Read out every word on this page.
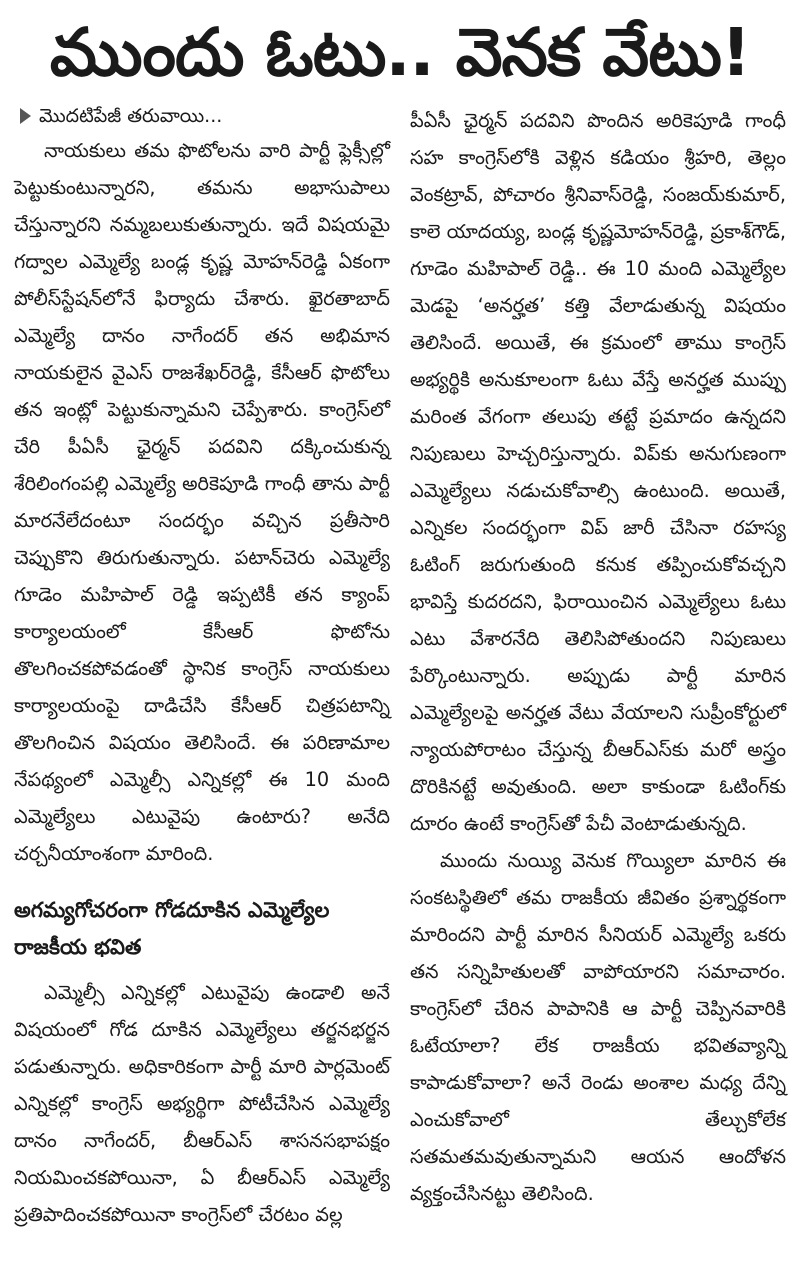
ముందు ఓటు.. వెనక వేటు!
మొదటిపేజీ తరువాయి...

నాయకులు తమ ఫొటోలను వారి పార్టీ ఫ్లెక్సీల్లో పెట్టుకుంటున్నారని, తమను అభాసుపాలు చేస్తున్నారని నమ్మబలుకుతున్నారు. ఇదే విషయమై గద్వాల ఎమ్మెల్యే బండ్ల కృష్ణ మోహన్‌రెడ్డి ఏకంగా పోలీస్‌స్టేషన్‌లోనే ఫిర్యాదు చేశారు. ఖైరతాబాద్ ఎమ్మెల్యే దానం నాగేందర్ తన అభిమాన నాయకులైన వైఎస్ రాజశేఖర్‌రెడ్డి, కేసీఆర్ ఫొటోలు తన ఇంట్లో పెట్టుకున్నామని చెప్పేశారు. కాంగ్రెస్‌లో చేరి పీఏసీ ఛైర్మన్ పదవిని దక్కించుకున్న శేరిలింగంపల్లి ఎమ్మెల్యే అరికెపూడి గాంధీ తాను పార్టీ మారనేలేదంటూ సందర్భం వచ్చిన ప్రతీసారి చెప్పుకొని తిరుగుతున్నారు. పటాన్‌చెరు ఎమ్మెల్యే గూడెం మహిపాల్ రెడ్డి ఇప్పటికీ తన క్యాంప్ కార్యాలయంలో కేసీఆర్ ఫొటోను తొలగించకపోవడంతో స్థానిక కాంగ్రెస్ నాయకులు కార్యాలయంపై దాడిచేసి కేసీఆర్ చిత్రపటాన్ని తొలగించిన విషయం తెలిసిందే. ఈ పరిణామాల నేపథ్యంలో ఎమ్మెల్సీ ఎన్నికల్లో ఈ 10 మంది ఎమ్మెల్యేలు ఎటువైపు ఉంటారు? అనేది చర్చనీయాంశంగా మారింది.

అగమ్యగోచరంగా గోడదూకిన ఎమ్మెల్యేల రాజకీయ భవిత

ఎమ్మెల్సీ ఎన్నికల్లో ఎటువైపు ఉండాలి అనే విషయంలో గోడ దూకిన ఎమ్మెల్యేలు తర్జనభర్జన పడుతున్నారు. అధికారికంగా పార్టీ మారి పార్లమెంట్ ఎన్నికల్లో కాంగ్రెస్ అభ్యర్థిగా పోటీచేసిన ఎమ్మెల్యే దానం నాగేందర్, బీఆర్‌ఎస్ శాసనసభాపక్షం నియమించకపోయినా, ఏ బీఆర్‌ఎస్ ఎమ్మెల్యే ప్రతిపాదించకపోయినా కాంగ్రెస్‌లో చేరటం వల్ల

పీఏసీ ఛైర్మన్ పదవిని పొందిన అరికెపూడి గాంధీ సహ కాంగ్రెస్‌లోకి వెళ్లిన కడియం శ్రీహరి, తెల్లం వెంకట్రావ్, పోచారం శ్రీనివాస్‌రెడ్డి, సంజయ్‌కుమార్, కాలె యాదయ్య, బండ్ల కృష్ణమోహన్‌రెడ్డి, ప్రకాశ్‌గౌడ్, గూడెం మహిపాల్ రెడ్డి.. ఈ 10 మంది ఎమ్మెల్యేల మెడపై ‘అనర్హత’ కత్తి వేలాడుతున్న విషయం తెలిసిందే. అయితే, ఈ క్రమంలో తాము కాంగ్రెస్ అభ్యర్థికి అనుకూలంగా ఓటు వేస్తే అనర్హత ముప్పు మరింత వేగంగా తలుపు తట్టే ప్రమాదం ఉన్నదని నిపుణులు హెచ్చరిస్తున్నారు. విప్‌కు అనుగుణంగా ఎమ్మెల్యేలు నడుచుకోవాల్సి ఉంటుంది. అయితే, ఎన్నికల సందర్భంగా విప్ జారీ చేసినా రహస్య ఓటింగ్ జరుగుతుంది కనుక తప్పించుకోవచ్చని భావిస్తే కుదరదని, ఫిరాయించిన ఎమ్మెల్యేలు ఓటు ఎటు వేశారనేది తెలిసిపోతుందని నిపుణులు పేర్కొంటున్నారు. అప్పుడు పార్టీ మారిన ఎమ్మెల్యేలపై అనర్హత వేటు వేయాలని సుప్రీంకోర్టులో న్యాయపోరాటం చేస్తున్న బీఆర్‌ఎస్‌కు మరో అస్త్రం దొరికినట్టే అవుతుంది. అలా కాకుండా ఓటింగ్‌కు దూరం ఉంటే కాంగ్రెస్‌తో పేచీ వెంటాడుతున్నది.

ముందు నుయ్యి వెనుక గొయ్యిలా మారిన ఈ సంకటస్థితిలో తమ రాజకీయ జీవితం ప్రశ్నార్థకంగా మారిందని పార్టీ మారిన సీనియర్ ఎమ్మెల్యే ఒకరు తన సన్నిహితులతో వాపోయారని సమాచారం. కాంగ్రెస్‌లో చేరిన పాపానికి ఆ పార్టీ చెప్పినవారికి ఓటేయాలా? లేక రాజకీయ భవితవ్యాన్ని కాపాడుకోవాలా? అనే రెండు అంశాల మధ్య దేన్ని ఎంచుకోవాలో తేల్చుకోలేక సతమతమవుతున్నామని ఆయన ఆందోళన వ్యక్తంచేసినట్టు తెలిసింది.
